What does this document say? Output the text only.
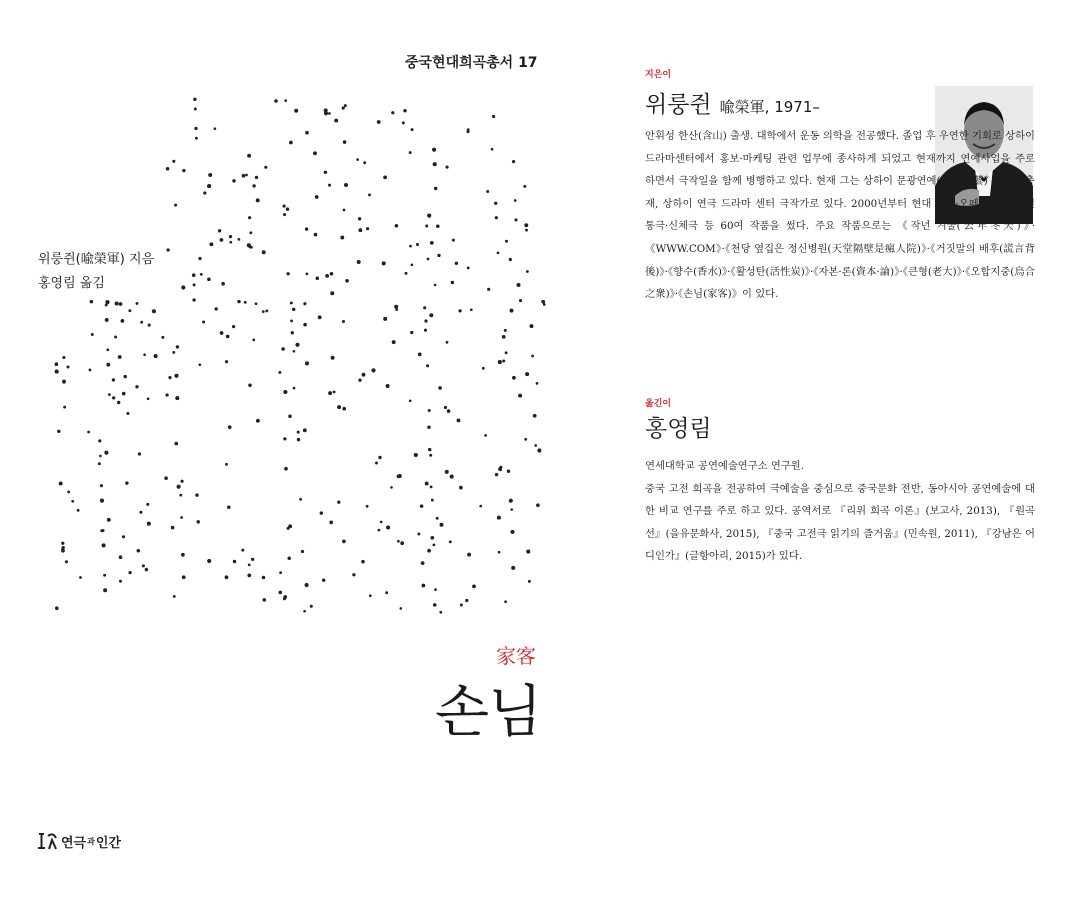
중국현대희곡총서 17
위룽쥔(喩榮軍) 지음
홍영림 옮김
家客
손님
연극 과 인간
지은이
위룽쥔 喩榮軍, 1971–

안휘성 한산(含山) 출생. 대학에서 운동 의학을 전공했다. 졸업 후 우연한 기회로 상하이드라마센터에서 홍보·마케팅 관련 업무에 종사하게 되었고 현재까지 연예사업을 주로 하면서 극작일을 함께 병행하고 있다. 현재 그는 상하이 문광연예(文廣演藝) 그룹 부총재, 상하이 연극 드라마 센터 극작가로 있다. 2000년부터 현대 연극·오페라·발레극·전통극·신체극 등 60여 작품을 썼다. 주요 작품으로는 《작년 겨울(去年冬天)》·《WWW.COM》·《천당 옆집은 정신병원(天堂隔壁是瘋人院)》·《거짓말의 배후(謊言背後)》·《향수(香水)》·《활성탄(活性炭)》·《자본·론(資本·論)》·《큰형(老大)》·《오합지중(烏合之衆)》·《손님(家客)》이 있다.

옮긴이
홍영림

연세대학교 공연예술연구소 연구원.

중국 고전 희곡을 전공하여 극예술을 중심으로 중국문화 전반, 동아시아 공연예술에 대한 비교 연구를 주로 하고 있다. 공역서로 『리위 희곡 이론』(보고사, 2013), 『원곡선』(을유문화사, 2015), 『중국 고전극 읽기의 즐거움』(민속원, 2011), 『강남은 어디인가』(글항아리, 2015)가 있다.
